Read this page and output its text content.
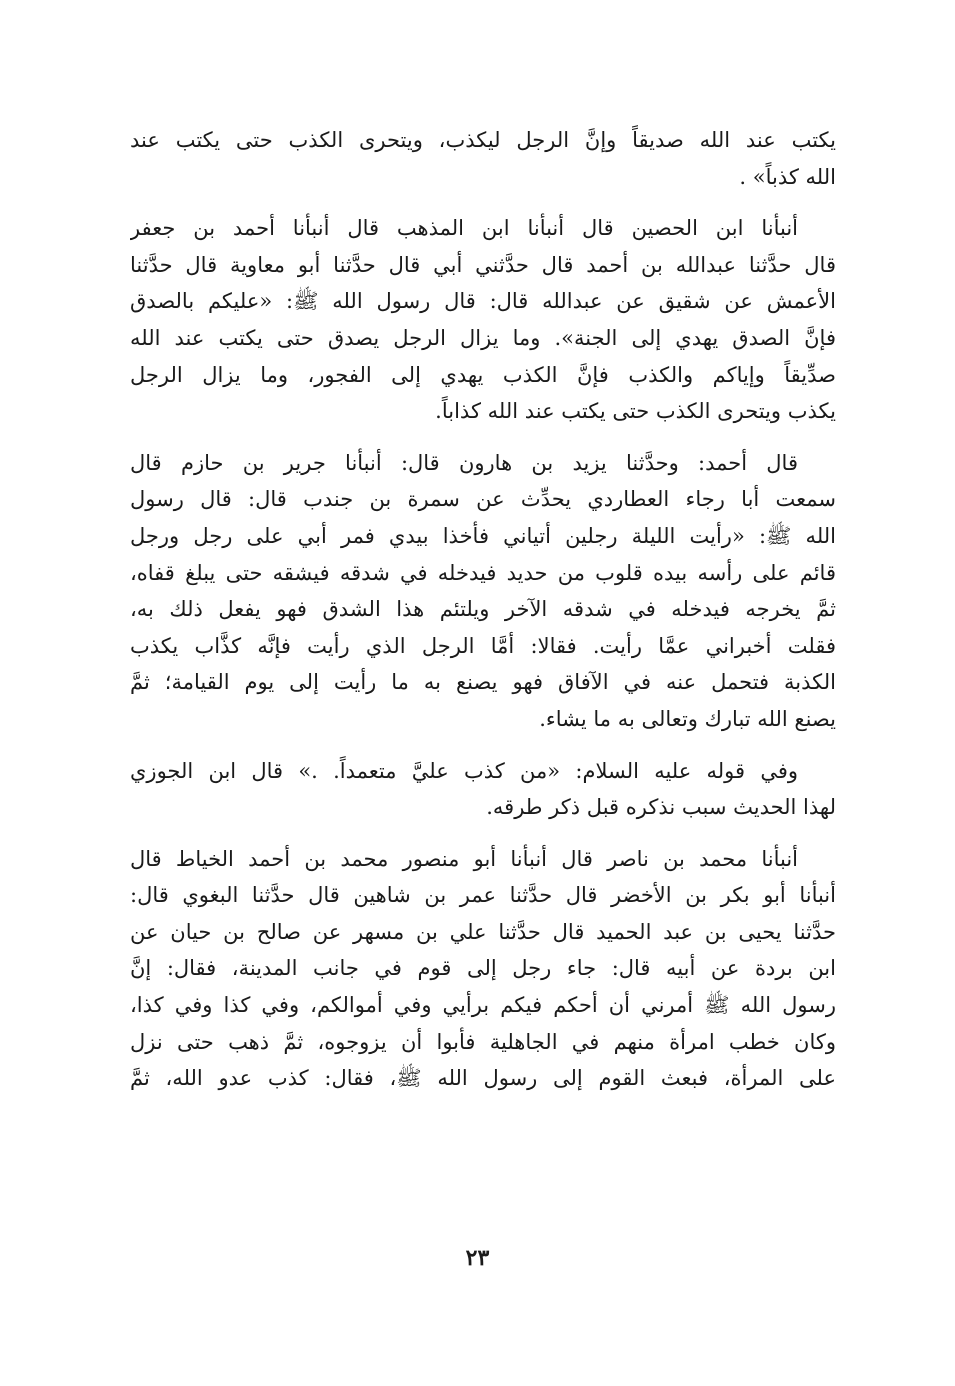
يكتب عند الله صديقاً وإنَّ الرجل ليكذب، ويتحرى الكذب حتى يكتب عند
الله كذباً» .
أنبأنا ابن الحصين قال أنبأنا ابن المذهب قال أنبأنا أحمد بن جعفر
قال حدَّثنا عبدالله بن أحمد قال حدَّثني أبي قال حدَّثنا أبو معاوية قال حدَّثنا
الأعمش عن شقيق عن عبدالله قال: قال رسول الله ﷺ: «عليكم بالصدق
فإنَّ الصدق يهدي إلى الجنة». وما يزال الرجل يصدق حتى يكتب عند الله
صدِّيقاً وإياكم والكذب فإنَّ الكذب يهدي إلى الفجور، وما يزال الرجل
يكذب ويتحرى الكذب حتى يكتب عند الله كذاباً.
قال أحمد: وحدَّثنا يزيد بن هارون قال: أنبأنا جرير بن حازم قال
سمعت أبا رجاء العطاردي يحدِّث عن سمرة بن جندب قال: قال رسول
الله ﷺ: «رأيت الليلة رجلين أتياني فأخذا بيدي فمر أبي على رجل ورجل
قائم على رأسه بيده قلوب من حديد فيدخله في شدقه فيشقه حتى يبلغ قفاه،
ثمَّ يخرجه فيدخله في شدقه الآخر ويلتئم هذا الشدق فهو يفعل ذلك به،
فقلت أخبراني عمَّا رأيت. فقالا: أمَّا الرجل الذي رأيت فإنَّه كذَّاب يكذب
الكذبة فتحمل عنه في الآفاق فهو يصنع به ما رأيت إلى يوم القيامة؛ ثمَّ
يصنع الله تبارك وتعالى به ما يشاء.
وفي قوله عليه السلام: «من كذب عليَّ متعمداً. .» قال ابن الجوزي
لهذا الحديث سبب نذكره قبل ذكر طرقه.
أنبأنا محمد بن ناصر قال أنبأنا أبو منصور محمد بن أحمد الخياط قال
أنبأنا أبو بكر بن الأخضر قال حدَّثنا عمر بن شاهين قال حدَّثنا البغوي قال:
حدَّثنا يحيى بن عبد الحميد قال حدَّثنا علي بن مسهر عن صالح بن حيان عن
ابن بردة عن أبيه قال: جاء رجل إلى قوم في جانب المدينة، فقال: إنَّ
رسول الله ﷺ أمرني أن أحكم فيكم برأيي وفي أموالكم، وفي كذا وفي كذا،
وكان خطب امرأة منهم في الجاهلية فأبوا أن يزوجوه، ثمَّ ذهب حتى نزل
على المرأة، فبعث القوم إلى رسول الله ﷺ، فقال: كذب عدو الله، ثمَّ
٢٣
